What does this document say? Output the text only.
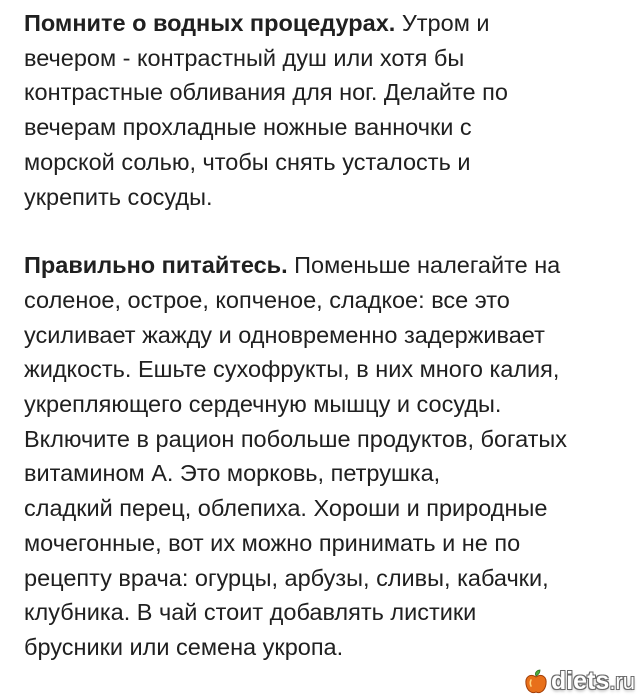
Помните о водных процедурах. Утром и
вечером - контрастный душ или хотя бы
контрастные обливания для ног. Делайте по
вечерам прохладные ножные ванночки с
морской солью, чтобы снять усталость и
укрепить сосуды.

Правильно питайтесь. Поменьше налегайте на
соленое, острое, копченое, сладкое: все это
усиливает жажду и одновременно задерживает
жидкость. Ешьте сухофрукты, в них много калия,
укрепляющего сердечную мышцу и сосуды.
Включите в рацион побольше продуктов, богатых
витамином А. Это морковь, петрушка,
сладкий перец, облепиха. Хороши и природные
мочегонные, вот их можно принимать и не по
рецепту врача: огурцы, арбузы, сливы, кабачки,
клубника. В чай стоит добавлять листики
брусники или семена укропа.

diets.ru
